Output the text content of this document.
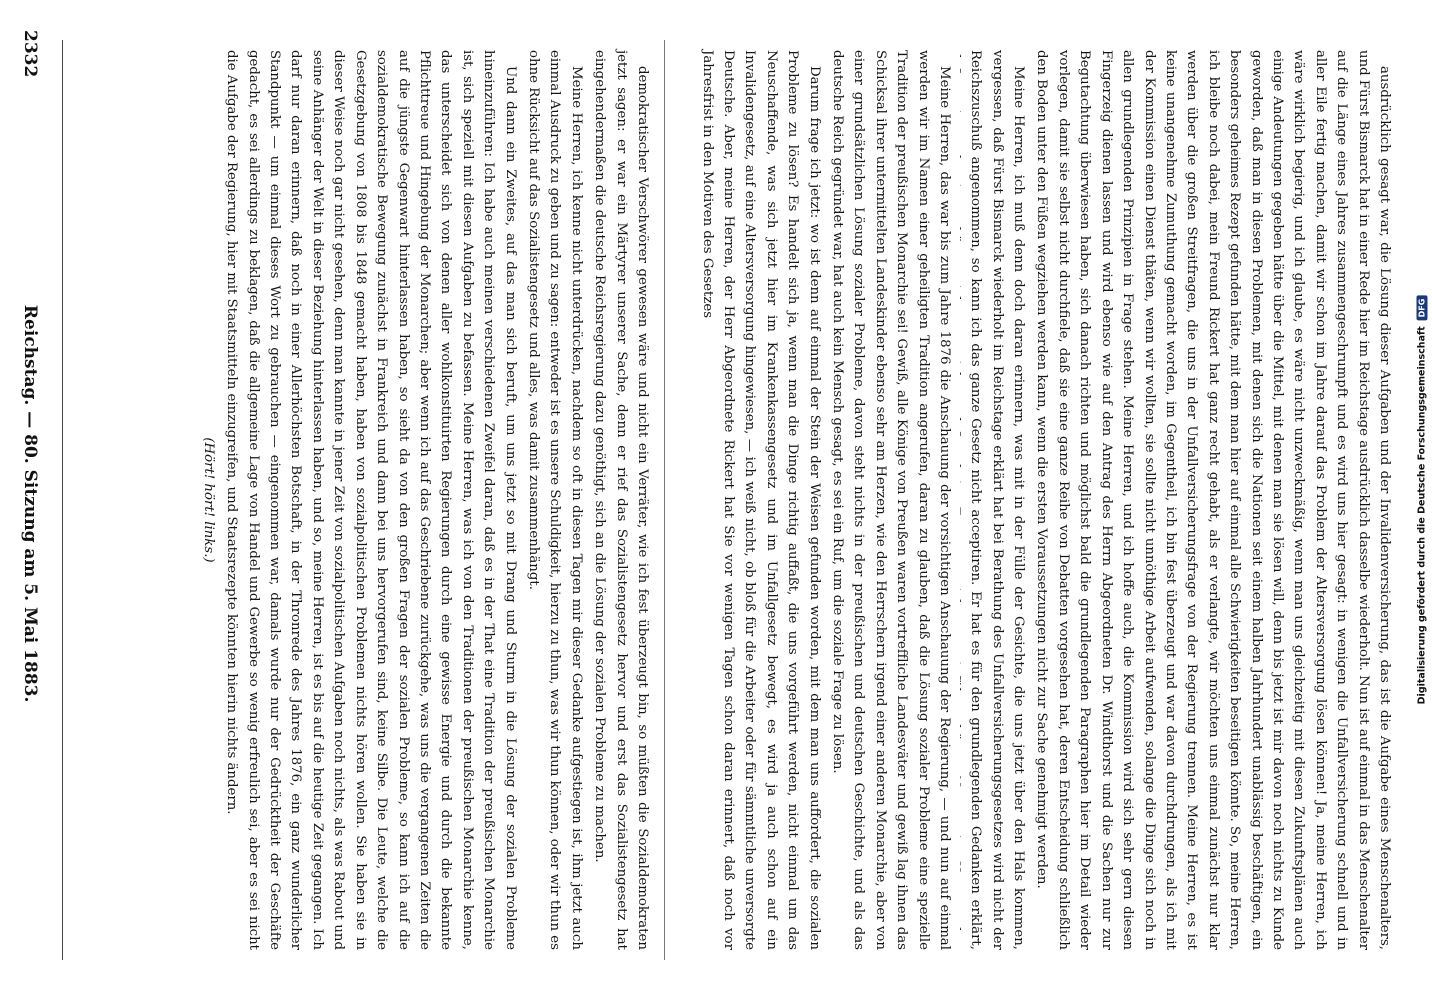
2332
Reichstag. — 80. Sitzung am 5. Mai 1883.	demokratischer Verschwörer gewesen wäre und nicht ein Verräter, wie ich fest überzeugt bin, so müßten die Sozialdemokraten jetzt sagen: er war ein Märtyrer unserer Sache, denn er rief das Sozialistengesetz hervor und erst das Sozialistengesetz hat eingehendermaßen die deutsche Reichsregierung dazu genöthigt, sich an die Lösung der sozialen Probleme zu machen.

Meine Herren, ich kenne nicht unterdrücken, nachdem so oft in diesen Tagen mir dieser Gedanke aufgestiegen ist, ihm jetzt auch einmal Ausdruck zu geben und zu sagen: entweder ist es unsere Schuldigkeit, hierzu zu thun, was wir thun können, oder wir thun es ohne Rücksicht auf das Sozialistengesetz und alles, was damit zusammenhängt.

Und dann ein Zweites, auf das man sich beruft, um uns jetzt so mit Drang und Sturm in die Lösung der sozialen Probleme hineinzuführen: Ich habe auch meinen verschiedenen Zweifel daran, daß es in der That eine Tradition der preußischen Monarchie ist, sich speziell mit diesen Aufgaben zu befassen. Meine Herren, was ich von den Traditionen der preußischen Monarchie kenne, das unterscheidet sich von denen aller wohlkonstituirten Regierungen durch eine gewisse Energie und durch die bekannte Pflichttreue und Hingebung der Monarchen; aber wenn ich auf das Geschriebene zurückgehe, was uns die vergangenen Zeiten die auf die jüngste Gegenwart hinterlassen haben, so sieht da von den großen Fragen der sozialen Probleme, so kann ich auf die sozialdemokratische Bewegung zunächst in Frankreich und dann bei uns hervorgerufen sind, keine Silbe. Die Leute, welche die Gesetzgebung von 1808 bis 1848 gemacht haben, haben von sozialpolitischen Problemen nichts hören wollen. Sie haben sie in dieser Weise noch gar nicht gesehen, denn man kannte in jener Zeit von sozialpolitischen Aufgaben noch nichts, als was Rabout und seine Anhänger der Welt in dieser Beziehung hinterlassen haben, und so, meine Herren, ist es bis auf die heutige Zeit gegangen. Ich darf nur daran erinnern, daß noch in einer Allerhöchsten Botschaft, in der Thronrede des Jahres 1876, ein ganz wunderlicher Standpunkt — um einmal dieses Wort zu gebrauchen — eingenommen war, damals wurde nur der Gedrücktheit der Geschäfte gedacht, es sei allerdings zu beklagen, daß die allgemeine Lage von Handel und Gewerbe so wenig erfreulich sei, aber es sei nicht die Aufgabe der Regierung, hier mit Staatsmitteln einzugreifen, und Staatsrezepte könnten hierin nichts ändern.

(Hört! hört! links.)	Meine Herren, das war bis zum Jahre 1876 die Anschauung der vorsichtigen Anschauung der Regierung, — und nun auf einmal werden wir im Namen einer geheiligten Tradition angerufen, daran zu glauben, daß die Lösung sozialer Probleme eine spezielle Tradition der preußischen Monarchie sei! Gewiß, alle Könige von Preußen waren vortreffliche Landesväter und gewiß lag ihnen das Schicksal ihrer untermittelten Landeskinder ebenso sehr am Herzen, wie den Herrschern irgend einer anderen Monarchie, aber von einer grundsätzlichen Lösung sozialer Probleme, davon steht nichts in der preußischen und deutschen Geschichte, und als das deutsche Reich gegründet war, hat auch kein Mensch gesagt, es sei ein Ruf, um die soziale Frage zu lösen.

Darum frage ich jetzt: wo ist denn auf einmal der Stein der Weisen gefunden worden, mit dem man uns auffordert, die sozialen Probleme zu lösen? Es handelt sich ja, wenn man die Dinge richtig auffaßt, die uns vorgeführt werden, nicht einmal um das Neuschaffende, was sich jetzt hier im Krankenkassengesetz und im Unfallgesetz bewegt, es wird ja auch schon auf ein Invalidengesetz, auf eine Altersversorgung hingewiesen, — ich weiß nicht, ob bloß für die Arbeiter oder für sämmtliche unversorgte Deutsche. Aber, meine Herren, der Herr Abgeordnete Rickert hat Sie vor wenigen Tagen schon daran erinnert, daß noch vor Jahresfrist in den Motiven des Gesetzes	ausdrücklich gesagt war, die Lösung dieser Aufgaben und der Invalidenversicherung, das ist die Aufgabe eines Menschenalters, und Fürst Bismarck hat in einer Rede hier im Reichstage ausdrücklich dasselbe wiederholt. Nun ist auf einmal in das Menschenalter auf die Länge eines Jahres zusammengeschrumpft und es wird uns hier gesagt: in wenigen die Unfallversicherung schnell und in aller Eile fertig machen, damit wir schon im Jahre darauf das Problem der Altersversorgung lösen können! Ja, meine Herren, ich wäre wirklich begierig, und ich glaube, es wäre nicht unzweckmäßig, wenn man uns gleichzeitig mit diesen Zukunftsplänen auch einige Andeutungen gegeben hätte über die Mittel, mit denen man sie lösen will, denn bis jetzt ist mir davon noch nichts zu Kunde geworden, daß man in diesen Problemen, mit denen sich die Nationen seit einem halben Jahrhundert unablässig beschäftigen, ein besonders geheimes Rezept gefunden hätte, mit dem man hier auf einmal alle Schwierigkeiten beseitigen könnte. So, meine Herren, ich bleibe noch dabei, mein Freund Rickert hat ganz recht gehabt, als er verlangte, wir möchten uns einmal zunächst nur klar werden über die großen Streitfragen, die uns in der Unfallversicherungsfrage von der Regierung trennen. Meine Herren, es ist keine unangenehme Zumuthung gemacht worden, im Gegentheil, ich bin fest überzeugt und war davon durchdrungen, als ich mit der Kommission einen Dienst thäten, wenn wir wollten, sie sollte nicht unnöthige Arbeit aufwenden, solange die Dinge sich noch in allen grundlegenden Prinzipien in Frage stehen. Meine Herren, und ich hoffe auch, die Kommission wird sich sehr gern diesen Fingerzeig dienen lassen und wird ebenso wie auf den Antrag des Herrn Abgeordneten Dr. Windthorst und die Sachen nur zur Begutachtung überwiesen haben, sich danach richten und möglichst bald die grundlegenden Paragraphen hier im Detail wieder vorlegen, damit sie selbst nicht durchfiele, daß sie eine ganze Reihe von Debatten vorgesehen hat, deren Entscheidung schließlich den Boden unter den Füßen wegziehen werden kann, wenn die ersten Voraussetzungen nicht zur Sache genehmigt werden.

Meine Herren, ich muß denn doch daran erinnern, was mit in der Fülle der Gesichte, die uns jetzt über den Hals kommen, vergessen, daß Fürst Bismarck wiederholt im Reichstage erklärt hat bei Berathung des Unfallversicherungsgesetzes wird nicht der Reichszuschuß angenommen, so kann ich das ganze Gesetz nicht acceptiren. Er hat es für den grundlegenden Gedanken erklärt,

Digitalisierung gefördert durch die Deutsche Forschungsgemeinschaft
DFG
